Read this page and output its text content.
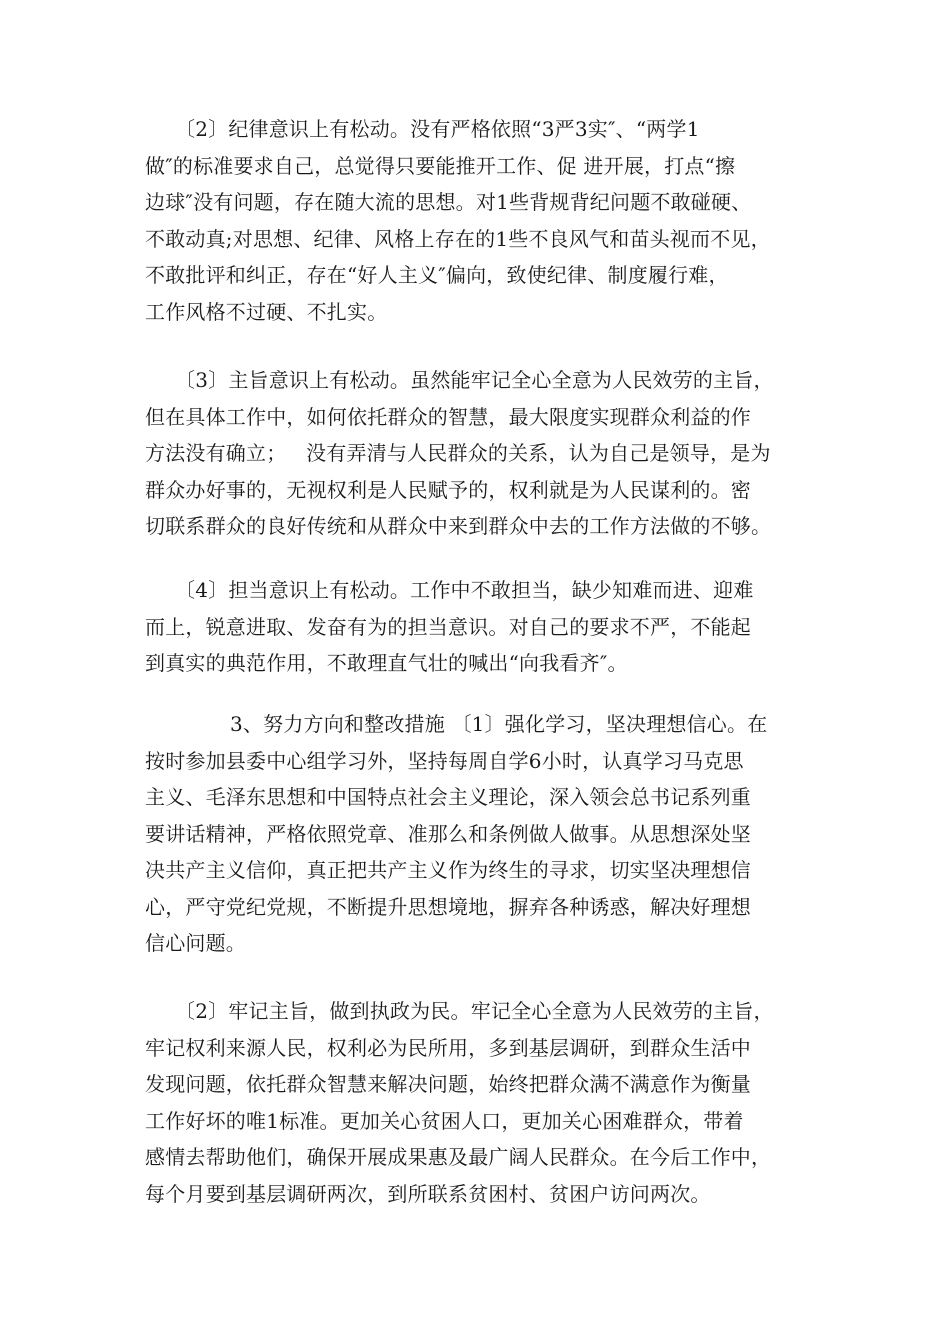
〔2〕纪律意识上有松动。没有严格依照“3严3实″、“两学1
做″的标准要求自己，总觉得只要能推开工作、促 进开展，打点“擦
边球″没有问题，存在随大流的思想。对1些背规背纪问题不敢碰硬、
不敢动真;对思想、纪律、风格上存在的1些不良风气和苗头视而不见，
不敢批评和纠正，存在“好人主义″偏向，致使纪律、制度履行难，
工作风格不过硬、不扎实。
〔3〕主旨意识上有松动。虽然能牢记全心全意为人民效劳的主旨，
但在具体工作中，如何依托群众的智慧，最大限度实现群众利益的作
方法没有确立；   没有弄清与人民群众的关系，认为自己是领导，是为
群众办好事的，无视权利是人民赋予的，权利就是为人民谋利的。密
切联系群众的良好传统和从群众中来到群众中去的工作方法做的不够。
〔4〕担当意识上有松动。工作中不敢担当，缺少知难而进、迎难
而上，锐意进取、发奋有为的担当意识。对自己的要求不严，不能起
到真实的典范作用，不敢理直气壮的喊出“向我看齐″。
3、努力方向和整改措施 〔1〕强化学习，坚决理想信心。在
按时参加县委中心组学习外，坚持每周自学6小时，认真学习马克思
主义、毛泽东思想和中国特点社会主义理论，深入领会总书记系列重
要讲话精神，严格依照党章、准那么和条例做人做事。从思想深处坚
决共产主义信仰，真正把共产主义作为终生的寻求，切实坚决理想信
心，严守党纪党规，不断提升思想境地，摒弃各种诱惑，解决好理想
信心问题。
〔2〕牢记主旨，做到执政为民。牢记全心全意为人民效劳的主旨，
牢记权利来源人民，权利必为民所用，多到基层调研，到群众生活中
发现问题，依托群众智慧来解决问题，始终把群众满不满意作为衡量
工作好坏的唯1标准。更加关心贫困人口，更加关心困难群众，带着
感情去帮助他们，确保开展成果惠及最广阔人民群众。在今后工作中，
每个月要到基层调研两次，到所联系贫困村、贫困户访问两次。
